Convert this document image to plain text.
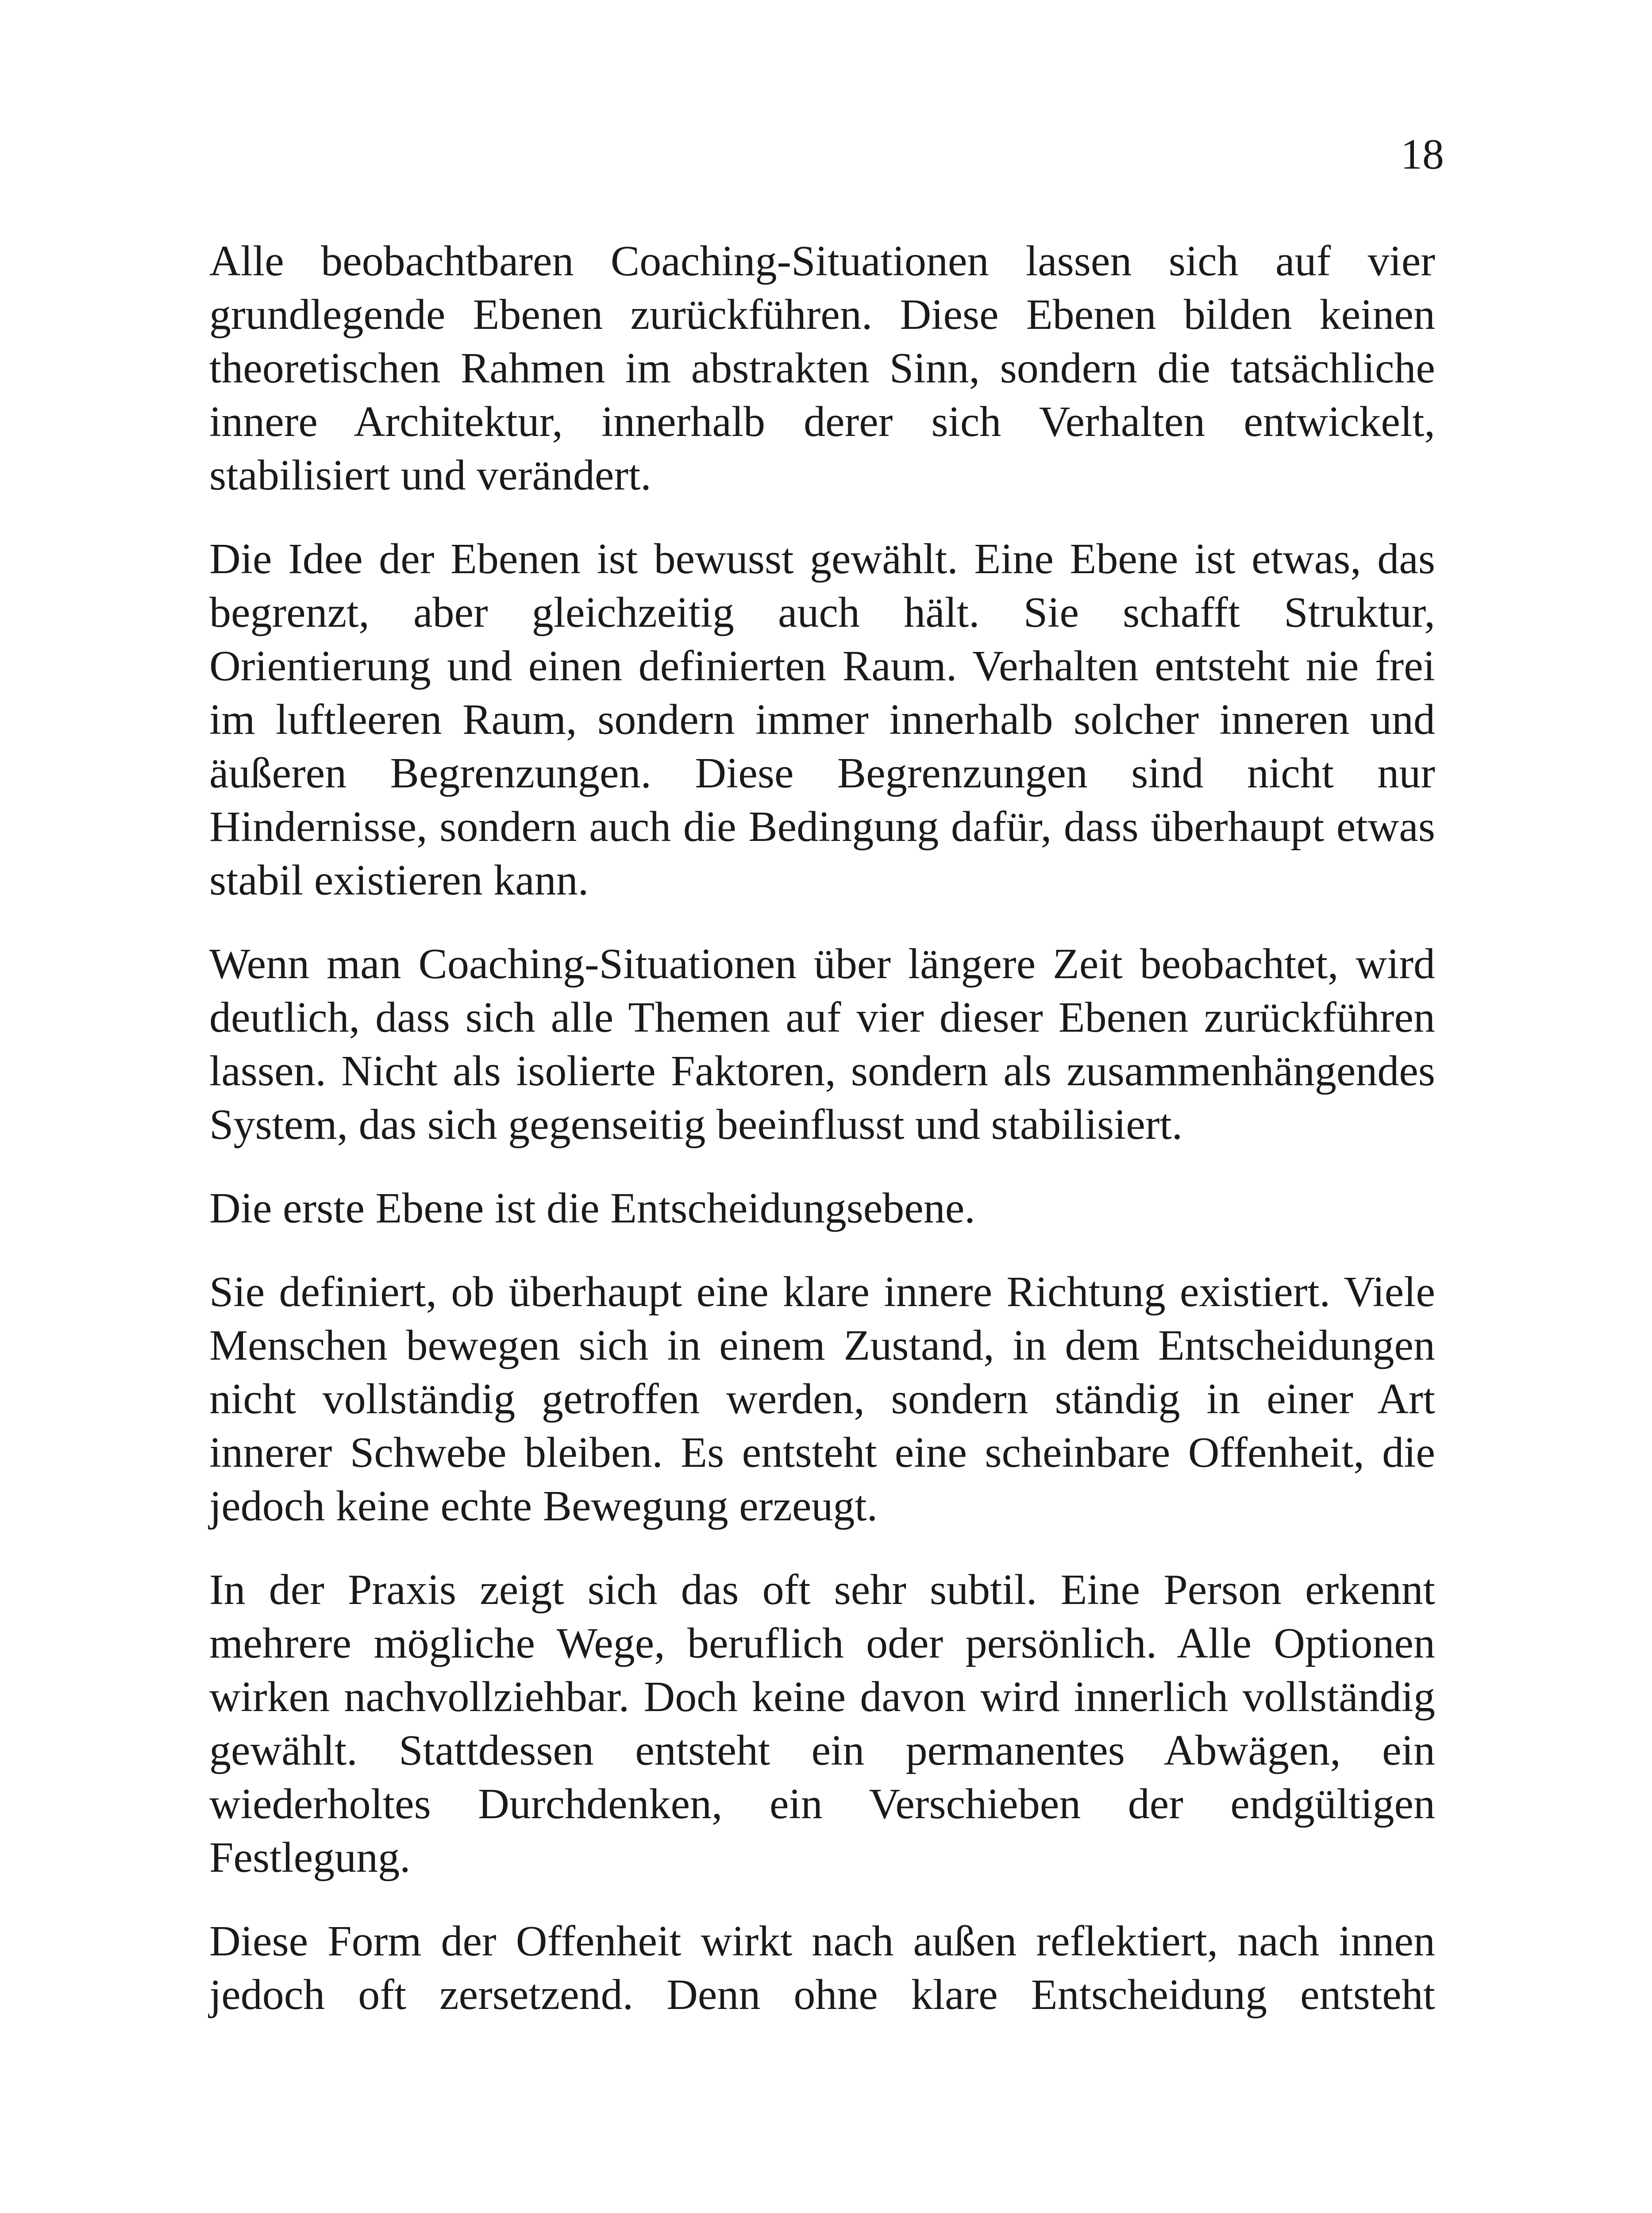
18

Alle beobachtbaren Coaching-Situationen lassen sich auf vier grundlegende Ebenen zurückführen. Diese Ebenen bilden keinen theoretischen Rahmen im abstrakten Sinn, sondern die tatsächliche innere Architektur, innerhalb derer sich Verhalten entwickelt, stabilisiert und verändert.

Die Idee der Ebenen ist bewusst gewählt. Eine Ebene ist etwas, das begrenzt, aber gleichzeitig auch hält. Sie schafft Struktur, Orientierung und einen definierten Raum. Verhalten entsteht nie frei im luftleeren Raum, sondern immer innerhalb solcher inneren und äußeren Begrenzungen. Diese Begrenzungen sind nicht nur Hindernisse, sondern auch die Bedingung dafür, dass überhaupt etwas stabil existieren kann.

Wenn man Coaching-Situationen über längere Zeit beobachtet, wird deutlich, dass sich alle Themen auf vier dieser Ebenen zurückführen lassen. Nicht als isolierte Faktoren, sondern als zusammenhängendes System, das sich gegenseitig beeinflusst und stabilisiert.

Die erste Ebene ist die Entscheidungsebene.

Sie definiert, ob überhaupt eine klare innere Richtung existiert. Viele Menschen bewegen sich in einem Zustand, in dem Entscheidungen nicht vollständig getroffen werden, sondern ständig in einer Art innerer Schwebe bleiben. Es entsteht eine scheinbare Offenheit, die jedoch keine echte Bewegung erzeugt.

In der Praxis zeigt sich das oft sehr subtil. Eine Person erkennt mehrere mögliche Wege, beruflich oder persönlich. Alle Optionen wirken nachvollziehbar. Doch keine davon wird innerlich vollständig gewählt. Stattdessen entsteht ein permanentes Abwägen, ein wiederholtes Durchdenken, ein Verschieben der endgültigen Festlegung.

Diese Form der Offenheit wirkt nach außen reflektiert, nach innen jedoch oft zersetzend. Denn ohne klare Entscheidung entsteht
